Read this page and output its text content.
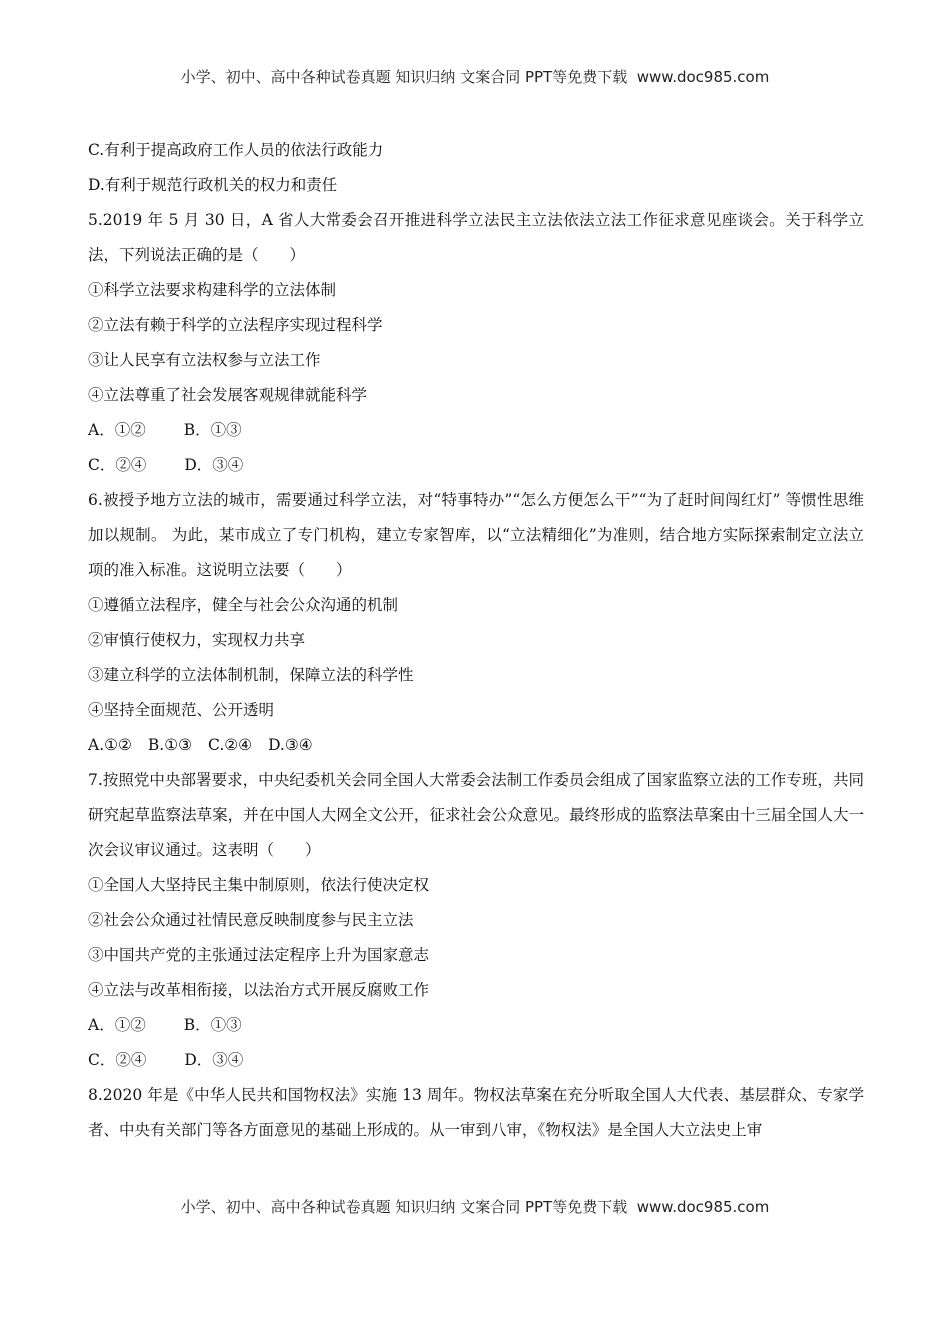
小学、初中、高中各种试卷真题 知识归纳 文案合同 PPT等免费下载 www.doc985.com
C.有利于提高政府工作人员的依法行政能力
D.有利于规范行政机关的权力和责任
5.2019 年 5 月 30 日，A 省人大常委会召开推进科学立法民主立法依法立法工作征求意见座谈会。关于科学立法，下列说法正确的是（　　）
①科学立法要求构建科学的立法体制
②立法有赖于科学的立法程序实现过程科学
③让人民享有立法权参与立法工作
④立法尊重了社会发展客观规律就能科学
A．①② B．①③
C．②④ D．③④
6.被授予地方立法的城市，需要通过科学立法，对“特事特办”“怎么方便怎么干”“为了赶时间闯红灯” 等惯性思维加以规制。 为此，某市成立了专门机构，建立专家智库，以“立法精细化”为准则，结合地方实际探索制定立法立项的准入标准。这说明立法要（　　）
①遵循立法程序，健全与社会公众沟通的机制
②审慎行使权力，实现权力共享
③建立科学的立法体制机制，保障立法的科学性
④坚持全面规范、公开透明
A.①② B.①③ C.②④ D.③④
7.按照党中央部署要求，中央纪委机关会同全国人大常委会法制工作委员会组成了国家监察立法的工作专班，共同研究起草监察法草案，并在中国人大网全文公开，征求社会公众意见。最终形成的监察法草案由十三届全国人大一次会议审议通过。这表明（　　）
①全国人大坚持民主集中制原则，依法行使决定权
②社会公众通过社情民意反映制度参与民主立法
③中国共产党的主张通过法定程序上升为国家意志
④立法与改革相衔接，以法治方式开展反腐败工作
A．①② B．①③
C．②④ D．③④
8.2020 年是《中华人民共和国物权法》实施 13 周年。物权法草案在充分听取全国人大代表、基层群众、专家学者、中央有关部门等各方面意见的基础上形成的。从一审到八审，《物权法》是全国人大立法史上审
小学、初中、高中各种试卷真题 知识归纳 文案合同 PPT等免费下载 www.doc985.com
